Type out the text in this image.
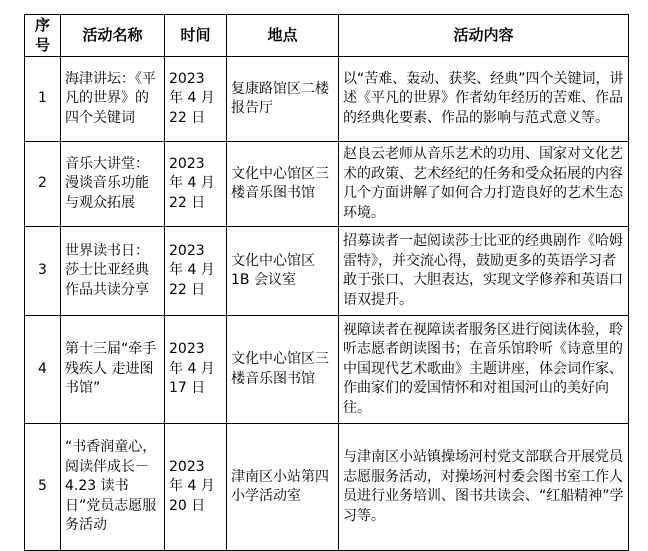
序号	活动名称	时间	地点	活动内容
1	海津讲坛：《平凡的世界》的四个关键词	2023 年 4 月 22 日	复康路馆区二楼报告厅	以“苦难、轰动、获奖、经典”四个关键词，讲述《平凡的世界》作者幼年经历的苦难、作品的经典化要素、作品的影响与范式意义等。
2	音乐大讲堂：漫谈音乐功能与观众拓展	2023 年 4 月 22 日	文化中心馆区三楼音乐图书馆	赵良云老师从音乐艺术的功用、国家对文化艺术的政策、艺术经纪的任务和受众拓展的内容几个方面讲解了如何合力打造良好的艺术生态环境。
3	世界读书日：莎士比亚经典作品共读分享	2023 年 4 月 22 日	文化中心馆区 1B 会议室	招募读者一起阅读莎士比亚的经典剧作《哈姆雷特》，并交流心得，鼓励更多的英语学习者敢于张口、大胆表达，实现文学修养和英语口语双提升。
4	第十三届“牵手残疾人 走进图书馆”	2023 年 4 月 17 日	文化中心馆区三楼音乐图书馆	视障读者在视障读者服务区进行阅读体验，聆听志愿者朗读图书；在音乐馆聆听《诗意里的中国现代艺术歌曲》主题讲座，体会词作家、作曲家们的爱国情怀和对祖国河山的美好向往。
5	“书香润童心，阅读伴成长－4.23 读书日”党员志愿服务活动	2023 年 4 月 20 日	津南区小站第四小学活动室	与津南区小站镇操场河村党支部联合开展党员志愿服务活动，对操场河村委会图书室工作人员进行业务培训、图书共读会、“红船精神”学习等。
